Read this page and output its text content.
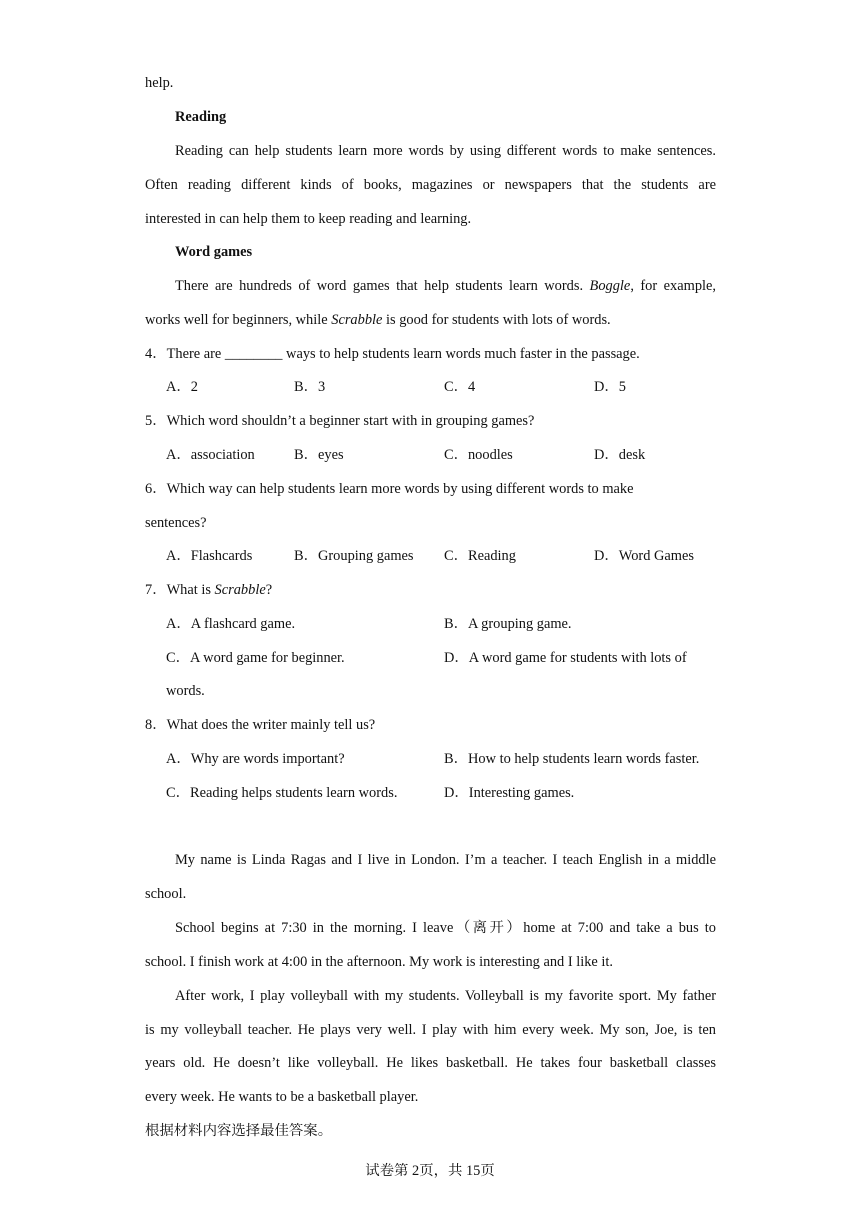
help.
Reading
Reading can help students learn more words by using different words to make sentences.
Often reading different kinds of books, magazines or newspapers that the students are
interested in can help them to keep reading and learning.
Word games
There are hundreds of word games that help students learn words. Boggle, for example,
works well for beginners, while Scrabble is good for students with lots of words.
4．There are ________ ways to help students learn words much faster in the passage.
A．2	B．3	C．4	D．5
5．Which word shouldn’t a beginner start with in grouping games?
A．association	B．eyes	C．noodles	D．desk
6．Which way can help students learn more words by using different words to make
sentences?
A．Flashcards	B．Grouping games C．Reading	D．Word Games
7．What is Scrabble?
A．A flashcard game.	B．A grouping game.
C．A word game for beginner.	D．A word game for students with lots of
words.
8．What does the writer mainly tell us?
A．Why are words important?	B．How to help students learn words faster.
C．Reading helps students learn words.	D．Interesting games.
My name is Linda Ragas and I live in London. I’m a teacher. I teach English in a middle
school.
School begins at 7:30 in the morning. I leave（离开）home at 7:00 and take a bus to
school. I finish work at 4:00 in the afternoon. My work is interesting and I like it.
After work, I play volleyball with my students. Volleyball is my favorite sport. My father
is my volleyball teacher. He plays very well. I play with him every week. My son, Joe, is ten
years old. He doesn’t like volleyball. He likes basketball. He takes four basketball classes
every week. He wants to be a basketball player.
根据材料内容选择最佳答案。
试卷第 2页，共 15页
